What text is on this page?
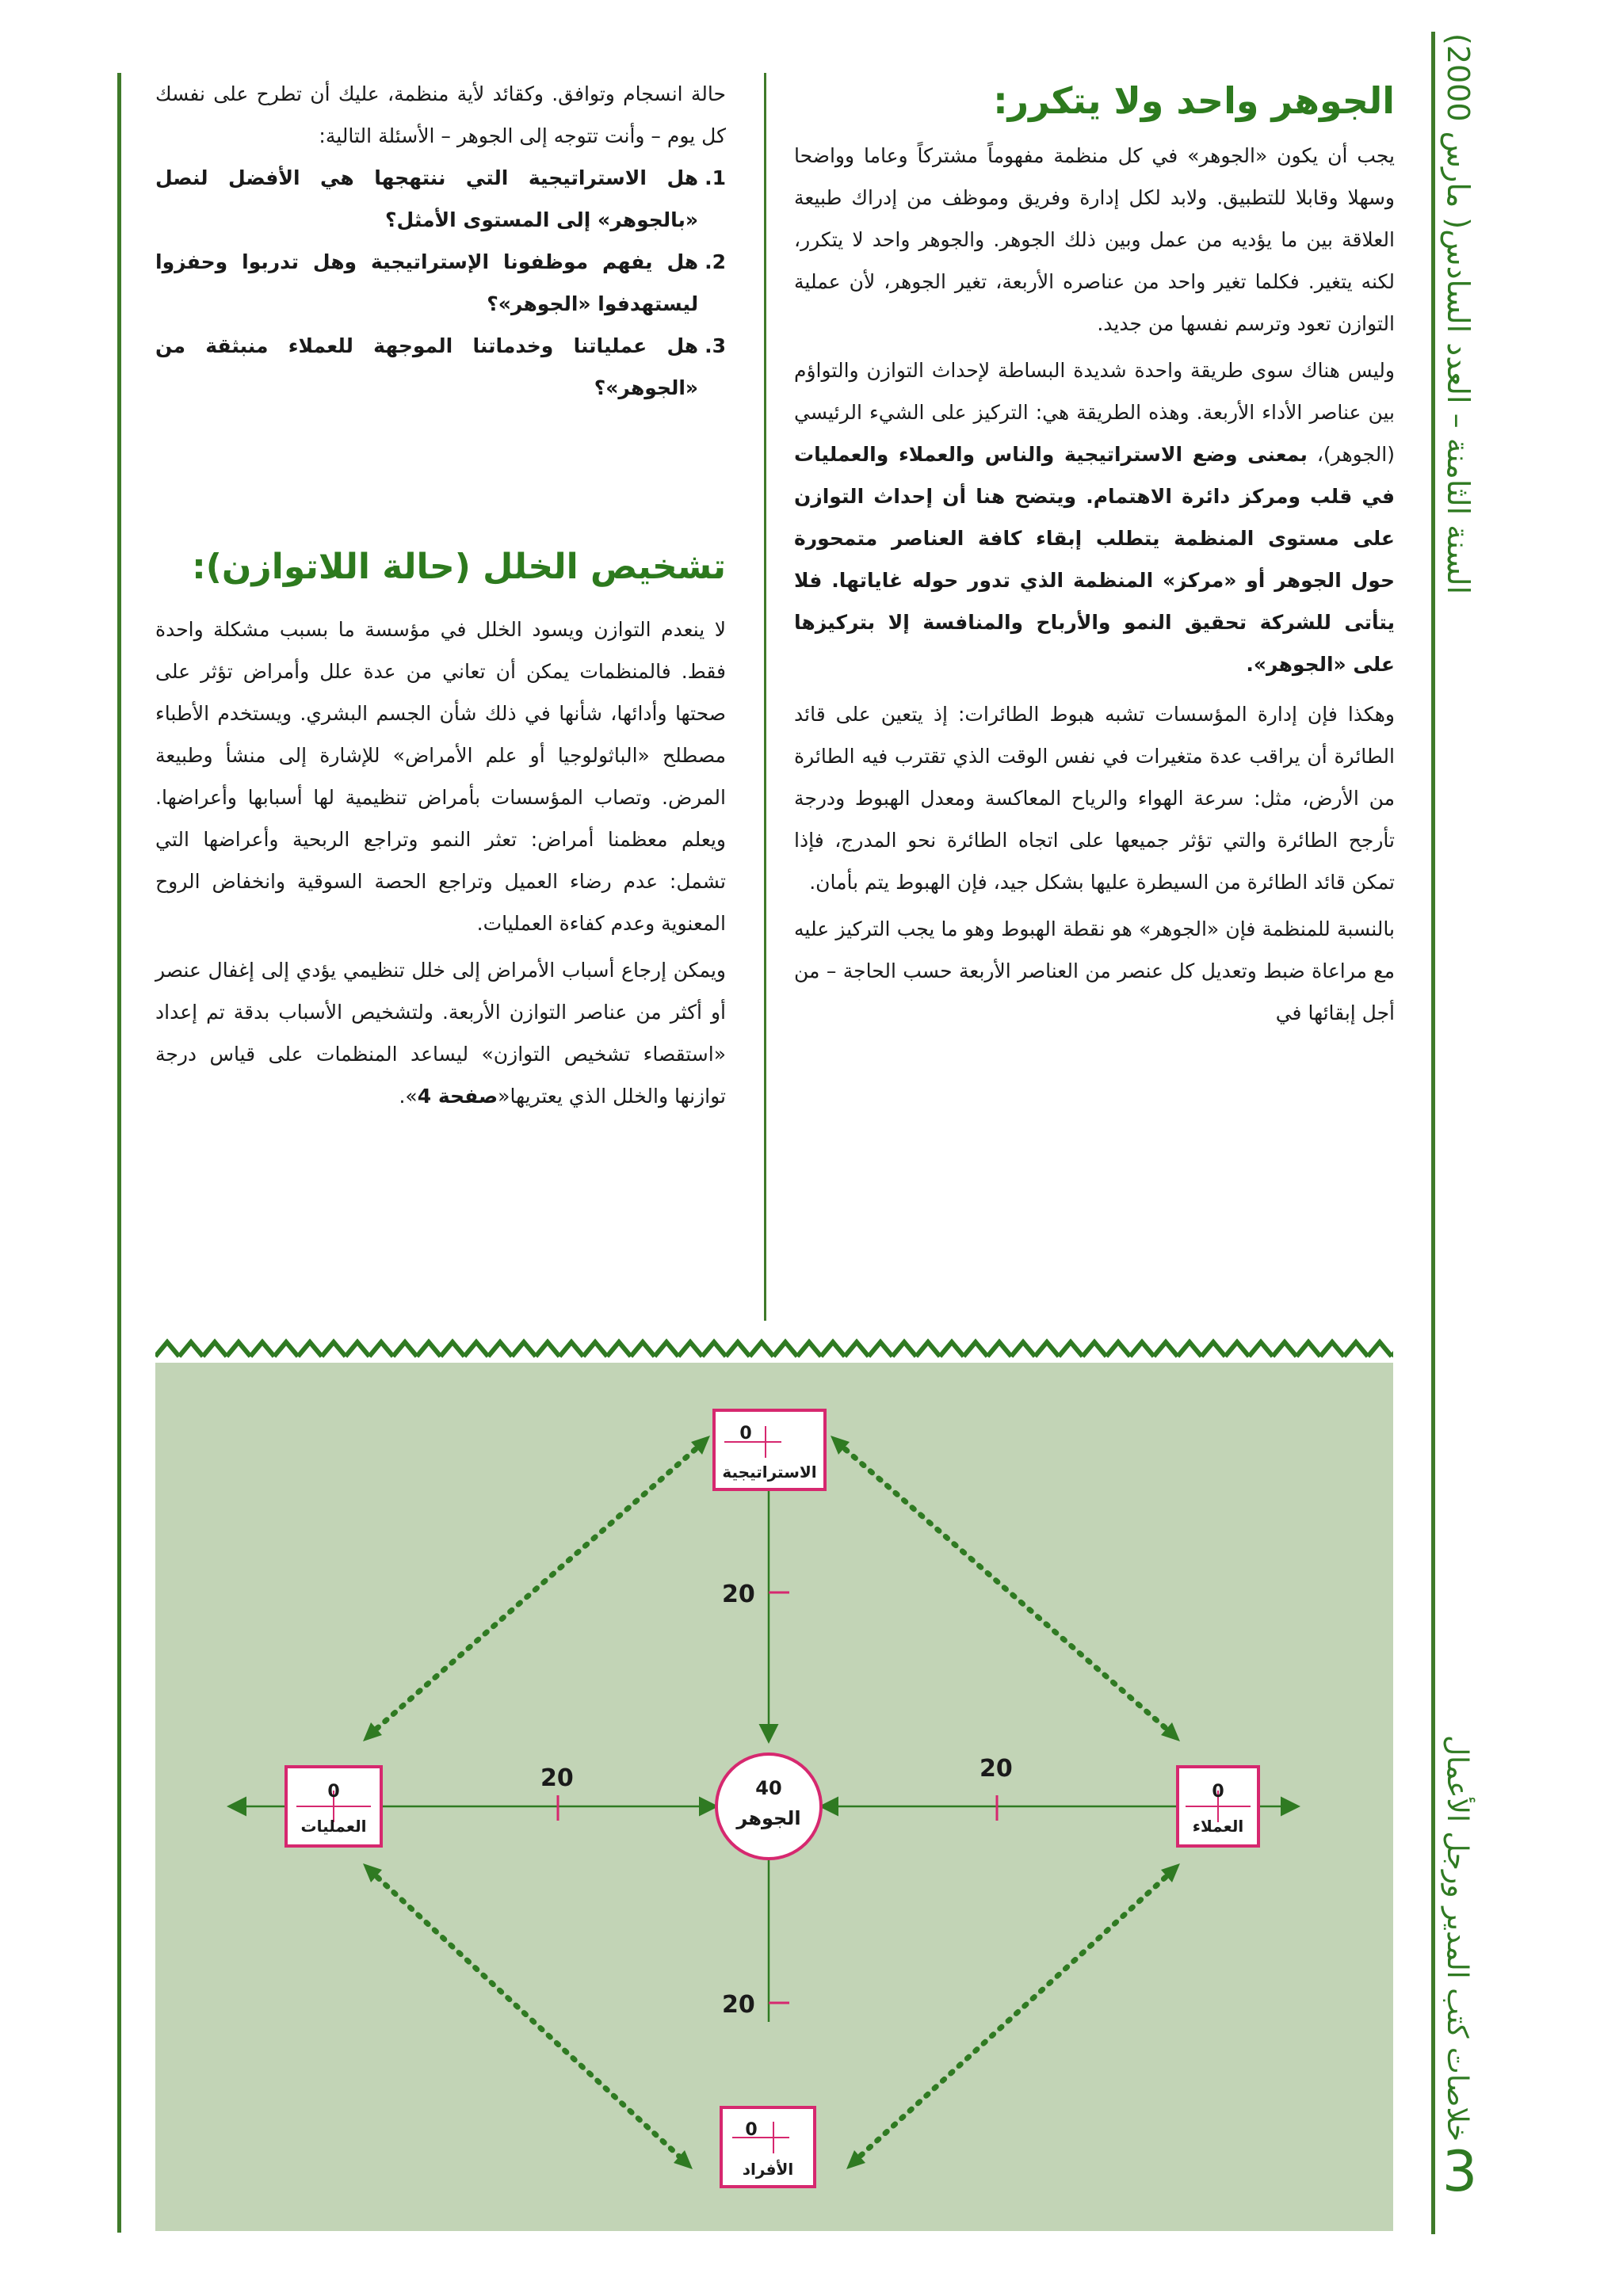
السنة الثامنة – العدد السادس( مارس 2000)
خلاصات كتب المدير ورجل الأعمال
3
الجوهر واحد ولا يتكرر:

يجب أن يكون «الجوهر» في كل منظمة مفهوماً مشتركاً وعاما وواضحا وسهلا وقابلا للتطبيق. ولابد لكل إدارة وفريق وموظف من إدراك طبيعة العلاقة بين ما يؤديه من عمل وبين ذلك الجوهر. والجوهر واحد لا يتكرر، لكنه يتغير. فكلما تغير واحد من عناصره الأربعة، تغير الجوهر، لأن عملية التوازن تعود وترسم نفسها من جديد.

وليس هناك سوى طريقة واحدة شديدة البساطة لإحداث التوازن والتواؤم بين عناصر الأداء الأربعة. وهذه الطريقة هي: التركيز على الشيء الرئيسي (الجوهر)، بمعنى وضع الاستراتيجية والناس والعملاء والعمليات في قلب ومركز دائرة الاهتمام. ويتضح هنا أن إحداث التوازن على مستوى المنظمة يتطلب إبقاء كافة العناصر متمحورة حول الجوهر أو «مركز» المنظمة الذي تدور حوله غاياتها. فلا يتأتى للشركة تحقيق النمو والأرباح والمنافسة إلا بتركيزها على «الجوهر».

وهكذا فإن إدارة المؤسسات تشبه هبوط الطائرات: إذ يتعين على قائد الطائرة أن يراقب عدة متغيرات في نفس الوقت الذي تقترب فيه الطائرة من الأرض، مثل: سرعة الهواء والرياح المعاكسة ومعدل الهبوط ودرجة تأرجح الطائرة والتي تؤثر جميعها على اتجاه الطائرة نحو المدرج، فإذا تمكن قائد الطائرة من السيطرة عليها بشكل جيد، فإن الهبوط يتم بأمان.

بالنسبة للمنظمة فإن «الجوهر» هو نقطة الهبوط وهو ما يجب التركيز عليه مع مراعاة ضبط وتعديل كل عنصر من العناصر الأربعة حسب الحاجة – من أجل إبقائها في

حالة انسجام وتوافق. وكقائد لأية منظمة، عليك أن تطرح على نفسك كل يوم – وأنت تتوجه إلى الجوهر – الأسئلة التالية:

1.
هل الاستراتيجية التي ننتهجها هي الأفضل لنصل «بالجوهر» إلى المستوى الأمثل؟
2.
هل يفهم موظفونا الإستراتيجية وهل تدربوا وحفزوا ليستهدفوا «الجوهر»؟
3.
هل عملياتنا وخدماتنا الموجهة للعملاء منبثقة من «الجوهر»؟
تشخيص الخلل (حالة اللاتوازن):

لا ينعدم التوازن ويسود الخلل في مؤسسة ما بسبب مشكلة واحدة فقط. فالمنظمات يمكن أن تعاني من عدة علل وأمراض تؤثر على صحتها وأدائها، شأنها في ذلك شأن الجسم البشري. ويستخدم الأطباء مصطلح «الباثولوجيا أو علم الأمراض» للإشارة إلى منشأ وطبيعة المرض. وتصاب المؤسسات بأمراض تنظيمية لها أسبابها وأعراضها. ويعلم معظمنا أمراض: تعثر النمو وتراجع الربحية وأعراضها التي تشمل: عدم رضاء العميل وتراجع الحصة السوقية وانخفاض الروح المعنوية وعدم كفاءة العمليات.

ويمكن إرجاع أسباب الأمراض إلى خلل تنظيمي يؤدي إلى إغفال عنصر أو أكثر من عناصر التوازن الأربعة. ولتشخيص الأسباب بدقة تم إعداد «استقصاء تشخيص التوازن» ليساعد المنظمات على قياس درجة توازنها والخلل الذي يعتريها«صفحة 4».

20
20
20	20
40
الجوهر
0
الاستراتيجية
0
الأفراد
0
العمليات
0
العملاء
